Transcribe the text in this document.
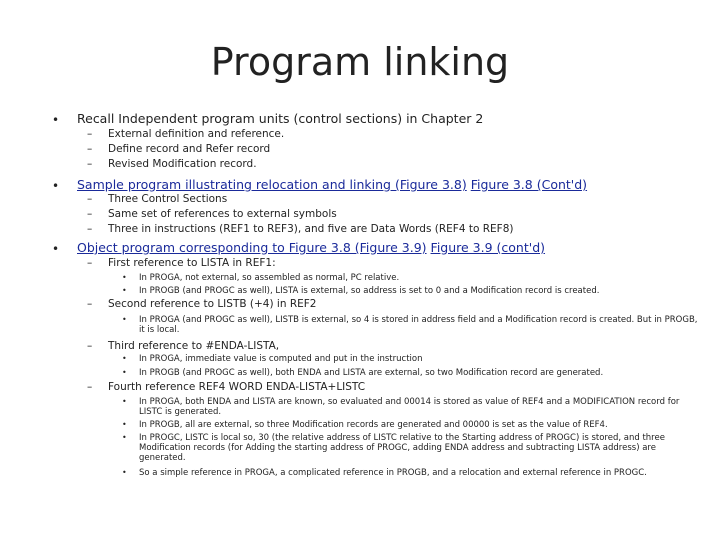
Program linking
• Recall Independent program units (control sections) in Chapter 2
– External definition and reference.
– Define record and Refer record
– Revised Modification record.
• Sample program illustrating relocation and linking (Figure 3.8) Figure 3.8 (Cont'd)
– Three Control Sections
– Same set of references to external symbols
– Three in instructions (REF1 to REF3), and five are Data Words (REF4 to REF8)
• Object program corresponding to Figure 3.8 (Figure 3.9) Figure 3.9 (cont'd)
– First reference to LISTA in REF1:
• In PROGA, not external, so assembled as normal, PC relative.
• In PROGB (and PROGC as well), LISTA is external, so address is set to 0 and a Modification record is created.
– Second reference to LISTB (+4) in REF2
• In PROGA (and PROGC as well), LISTB is external, so 4 is stored in address field and a Modification record is created. But in PROGB, it is local.
– Third reference to #ENDA-LISTA,
• In PROGA, immediate value is computed and put in the instruction
• In PROGB (and PROGC as well), both ENDA and LISTA are external, so two Modification record are generated.
– Fourth reference REF4 WORD ENDA-LISTA+LISTC
• In PROGA, both ENDA and LISTA are known, so evaluated and 00014 is stored as value of REF4 and a MODIFICATION record for LISTC is generated.
• In PROGB, all are external, so three Modification records are generated and 00000 is set as the value of REF4.
• In PROGC, LISTC is local so, 30 (the relative address of LISTC relative to the Starting address of PROGC) is stored, and three Modification records (for Adding the starting address of PROGC, adding ENDA address and subtracting LISTA address) are generated.
• So a simple reference in PROGA, a complicated reference in PROGB, and a relocation and external reference in PROGC.
